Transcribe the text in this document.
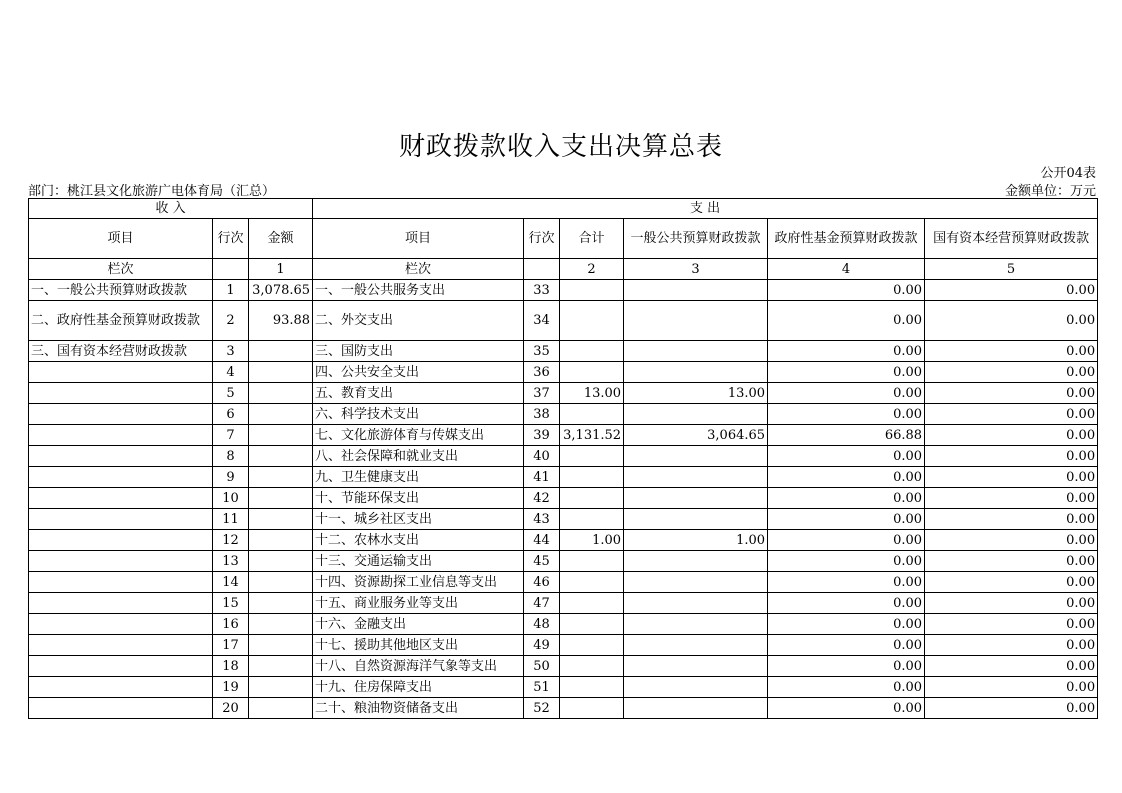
财政拨款收入支出决算总表
公开04表
部门：桃江县文化旅游广电体育局（汇总）	金额单位：万元
收 入			支 出					
项目	行次	金额	项目	行次	合计	一般公共预算财政拨款	政府性基金预算财政拨款	国有资本经营预算财政拨款
栏次		1	栏次		2	3	4	5
一、一般公共预算财政拨款	1	3,078.65	一、一般公共服务支出	33			0.00	0.00
二、政府性基金预算财政拨款	2	93.88	二、外交支出	34			0.00	0.00
三、国有资本经营财政拨款	3		三、国防支出	35			0.00	0.00
	4		四、公共安全支出	36			0.00	0.00
	5		五、教育支出	37	13.00	13.00	0.00	0.00
	6		六、科学技术支出	38			0.00	0.00
	7		七、文化旅游体育与传媒支出	39	3,131.52	3,064.65	66.88	0.00
	8		八、社会保障和就业支出	40			0.00	0.00
	9		九、卫生健康支出	41			0.00	0.00
	10		十、节能环保支出	42			0.00	0.00
	11		十一、城乡社区支出	43			0.00	0.00
	12		十二、农林水支出	44	1.00	1.00	0.00	0.00
	13		十三、交通运输支出	45			0.00	0.00
	14		十四、资源勘探工业信息等支出	46			0.00	0.00
	15		十五、商业服务业等支出	47			0.00	0.00
	16		十六、金融支出	48			0.00	0.00
	17		十七、援助其他地区支出	49			0.00	0.00
	18		十八、自然资源海洋气象等支出	50			0.00	0.00
	19		十九、住房保障支出	51			0.00	0.00
	20		二十、粮油物资储备支出	52			0.00	0.00
